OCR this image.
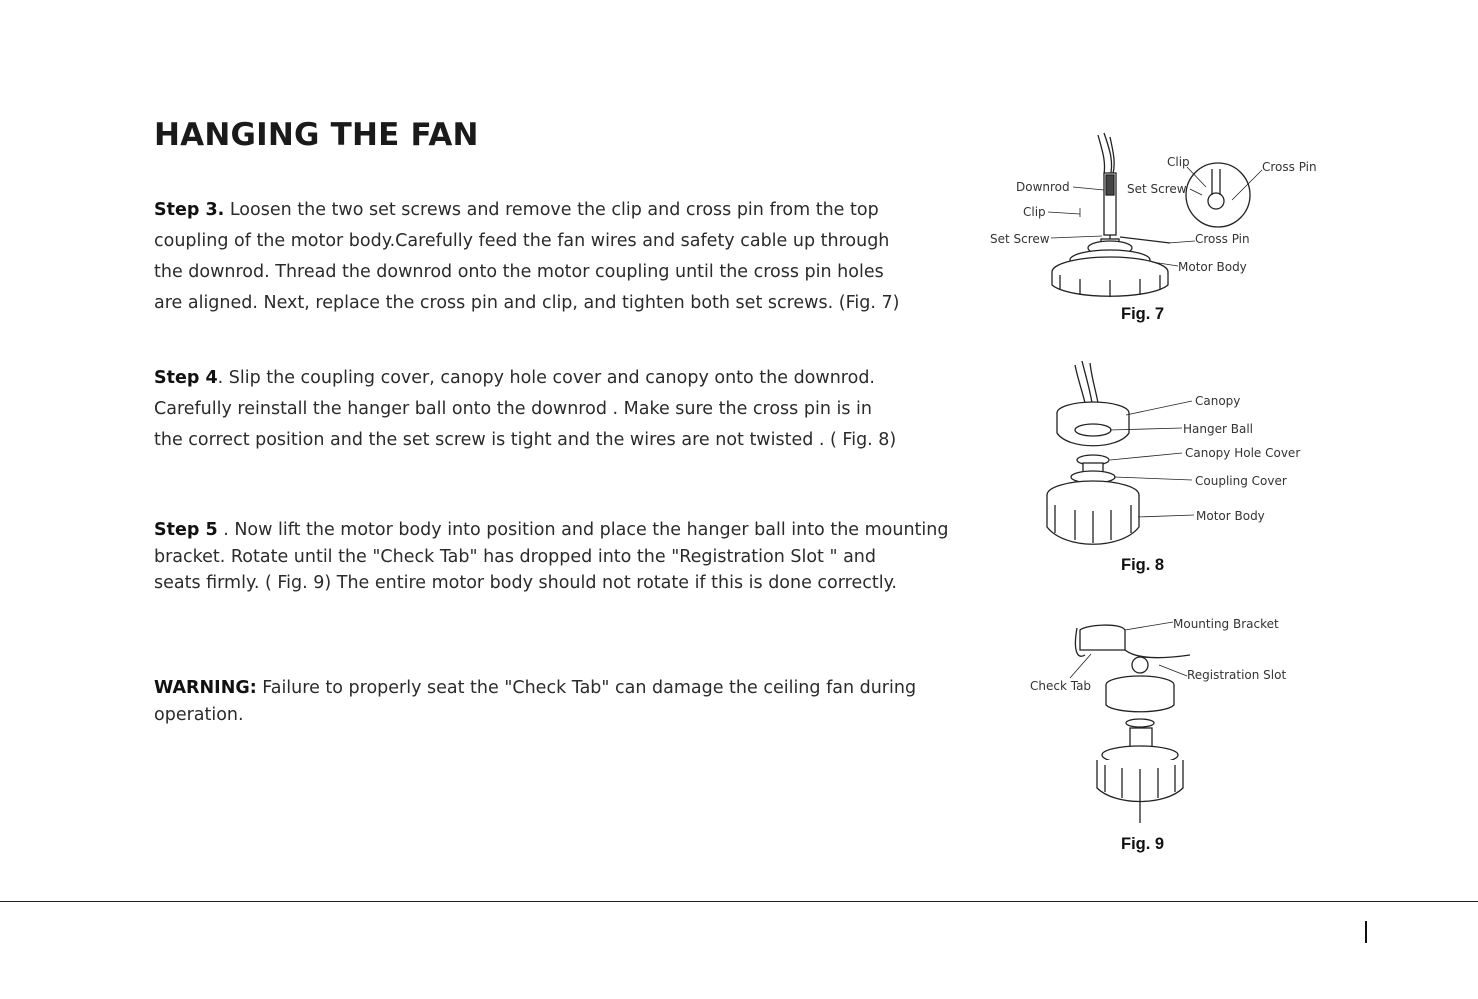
HANGING THE FAN

Step 3. Loosen the two set screws and remove the clip and cross pin from the top
coupling of the motor body.Carefully feed the fan wires and safety cable up through
the downrod. Thread the downrod onto the motor coupling until the cross pin holes
are aligned. Next, replace the cross pin and clip, and tighten both set screws. (Fig. 7)

Step 4. Slip the coupling cover, canopy hole cover and canopy onto the downrod.
Carefully reinstall the hanger ball onto the downrod . Make sure the cross pin is in
the correct position and the set screw is tight and the wires are not twisted . ( Fig. 8)

Step 5 . Now lift the motor body into position and place the hanger ball into the mounting
bracket. Rotate until the "Check Tab" has dropped into the "Registration Slot " and
seats firmly. ( Fig. 9) The entire motor body should not rotate if this is done correctly.

WARNING: Failure to properly seat the "Check Tab" can damage the ceiling fan during
operation.

Downrod
Clip
Set Screw
Clip
Set Screw
Cross Pin
Cross Pin
Motor Body
Fig. 7
Canopy
Hanger Ball
Canopy Hole Cover
Coupling Cover
Motor Body
Fig. 8
Mounting Bracket
Registration Slot
Check Tab
Fig. 9
